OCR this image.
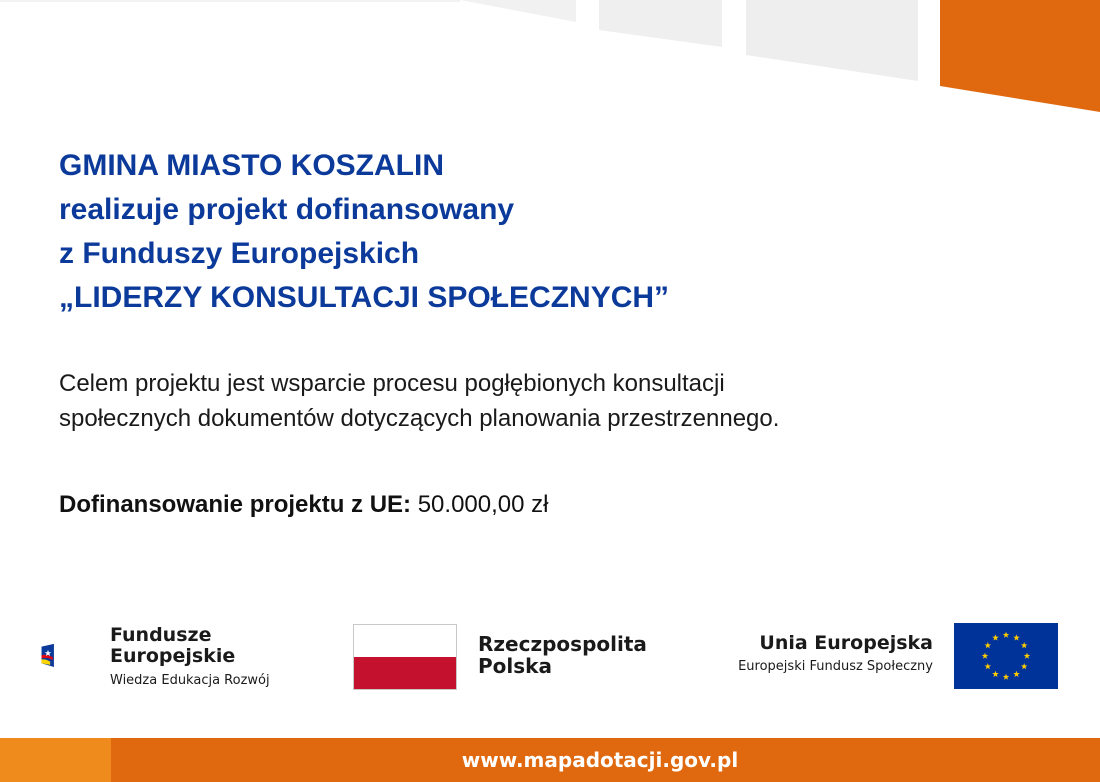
GMINA MIASTO KOSZALIN
realizuje projekt dofinansowany
z Funduszy Europejskich
„LIDERZY KONSULTACJI SPOŁECZNYCH”
Celem projektu jest wsparcie procesu pogłębionych konsultacji
społecznych dokumentów dotyczących planowania przestrzennego.
Dofinansowanie projektu z UE: 50.000,00 zł
Fundusze
Europejskie
Wiedza Edukacja Rozwój
Rzeczpospolita
Polska
Unia Europejska
Europejski Fundusz Społeczny
www.mapadotacji.gov.pl
